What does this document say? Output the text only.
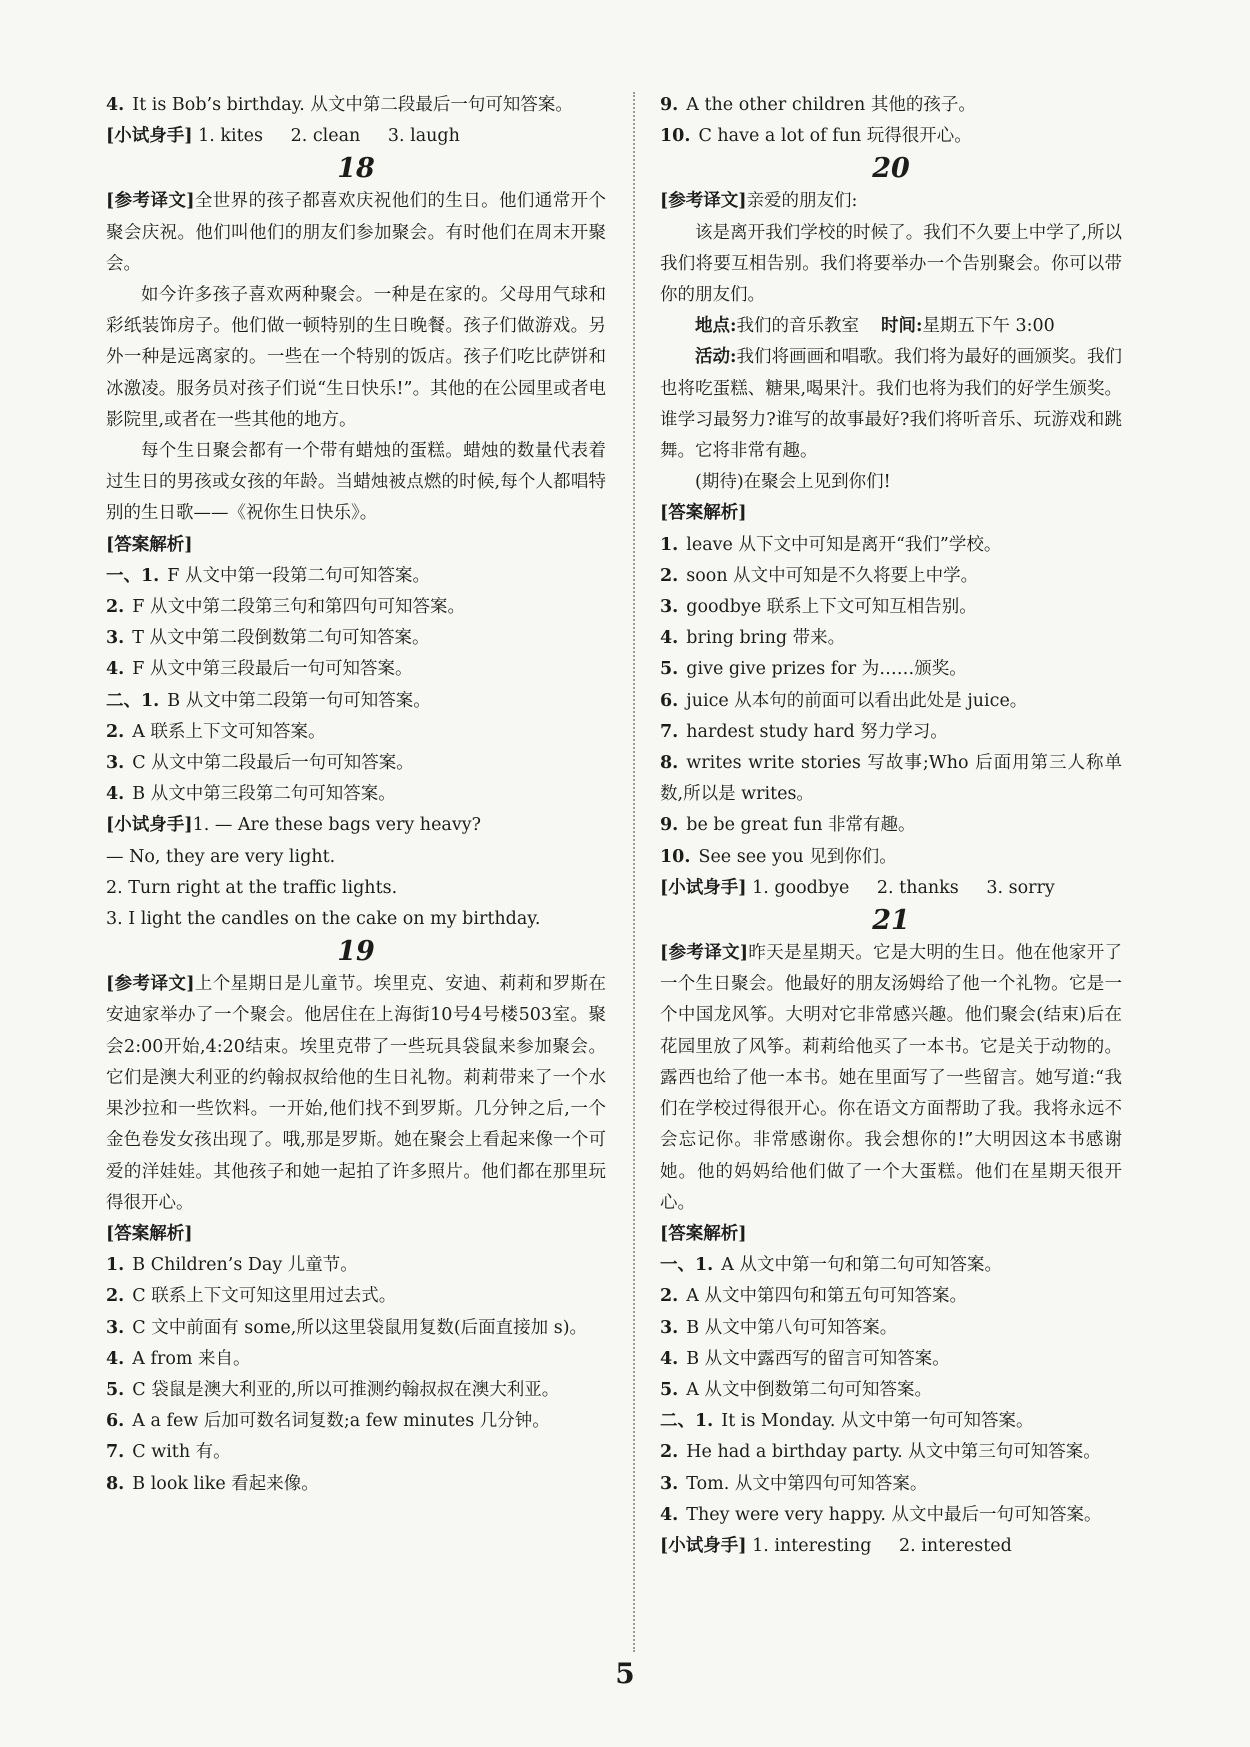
4. It is Bob’s birthday. 从文中第二段最后一句可知答案。

[小试身手] 1. kites 2. clean 3. laugh

18

[参考译文]全世界的孩子都喜欢庆祝他们的生日。他们通常开个聚会庆祝。他们叫他们的朋友们参加聚会。有时他们在周末开聚会。

如今许多孩子喜欢两种聚会。一种是在家的。父母用气球和彩纸装饰房子。他们做一顿特别的生日晚餐。孩子们做游戏。另外一种是远离家的。一些在一个特别的饭店。孩子们吃比萨饼和冰激凌。服务员对孩子们说“生日快乐!”。其他的在公园里或者电影院里,或者在一些其他的地方。

每个生日聚会都有一个带有蜡烛的蛋糕。蜡烛的数量代表着过生日的男孩或女孩的年龄。当蜡烛被点燃的时候,每个人都唱特别的生日歌——《祝你生日快乐》。

[答案解析]

一、1. F 从文中第一段第二句可知答案。

2. F 从文中第二段第三句和第四句可知答案。

3. T 从文中第二段倒数第二句可知答案。

4. F 从文中第三段最后一句可知答案。

二、1. B 从文中第二段第一句可知答案。

2. A 联系上下文可知答案。

3. C 从文中第二段最后一句可知答案。

4. B 从文中第三段第二句可知答案。

[小试身手]1. — Are these bags very heavy?

— No, they are very light.

2. Turn right at the traffic lights.

3. I light the candles on the cake on my birthday.

19

[参考译文]上个星期日是儿童节。埃里克、安迪、莉莉和罗斯在安迪家举办了一个聚会。他居住在上海街10号4号楼503室。聚会2:00开始,4:20结束。埃里克带了一些玩具袋鼠来参加聚会。它们是澳大利亚的约翰叔叔给他的生日礼物。莉莉带来了一个水果沙拉和一些饮料。一开始,他们找不到罗斯。几分钟之后,一个金色卷发女孩出现了。哦,那是罗斯。她在聚会上看起来像一个可爱的洋娃娃。其他孩子和她一起拍了许多照片。他们都在那里玩得很开心。

[答案解析]

1. B Children’s Day 儿童节。

2. C 联系上下文可知这里用过去式。

3. C 文中前面有 some,所以这里袋鼠用复数(后面直接加 s)。

4. A from 来自。

5. C 袋鼠是澳大利亚的,所以可推测约翰叔叔在澳大利亚。

6. A a few 后加可数名词复数;a few minutes 几分钟。

7. C with 有。

8. B look like 看起来像。

9. A the other children 其他的孩子。

10. C have a lot of fun 玩得很开心。

20

[参考译文]亲爱的朋友们:

该是离开我们学校的时候了。我们不久要上中学了,所以我们将要互相告别。我们将要举办一个告别聚会。你可以带你的朋友们。

地点:我们的音乐教室 时间:星期五下午 3:00

活动:我们将画画和唱歌。我们将为最好的画颁奖。我们也将吃蛋糕、糖果,喝果汁。我们也将为我们的好学生颁奖。谁学习最努力?谁写的故事最好?我们将听音乐、玩游戏和跳舞。它将非常有趣。

(期待)在聚会上见到你们!

[答案解析]

1. leave 从下文中可知是离开“我们”学校。

2. soon 从文中可知是不久将要上中学。

3. goodbye 联系上下文可知互相告别。

4. bring bring 带来。

5. give give prizes for 为……颁奖。

6. juice 从本句的前面可以看出此处是 juice。

7. hardest study hard 努力学习。

8. writes write stories 写故事;Who 后面用第三人称单数,所以是 writes。

9. be be great fun 非常有趣。

10. See see you 见到你们。

[小试身手] 1. goodbye 2. thanks 3. sorry

21

[参考译文]昨天是星期天。它是大明的生日。他在他家开了一个生日聚会。他最好的朋友汤姆给了他一个礼物。它是一个中国龙风筝。大明对它非常感兴趣。他们聚会(结束)后在花园里放了风筝。莉莉给他买了一本书。它是关于动物的。露西也给了他一本书。她在里面写了一些留言。她写道:“我们在学校过得很开心。你在语文方面帮助了我。我将永远不会忘记你。非常感谢你。我会想你的!”大明因这本书感谢她。他的妈妈给他们做了一个大蛋糕。他们在星期天很开心。

[答案解析]

一、1. A 从文中第一句和第二句可知答案。

2. A 从文中第四句和第五句可知答案。

3. B 从文中第八句可知答案。

4. B 从文中露西写的留言可知答案。

5. A 从文中倒数第二句可知答案。

二、1. It is Monday. 从文中第一句可知答案。

2. He had a birthday party. 从文中第三句可知答案。

3. Tom. 从文中第四句可知答案。

4. They were very happy. 从文中最后一句可知答案。

[小试身手] 1. interesting 2. interested

5
